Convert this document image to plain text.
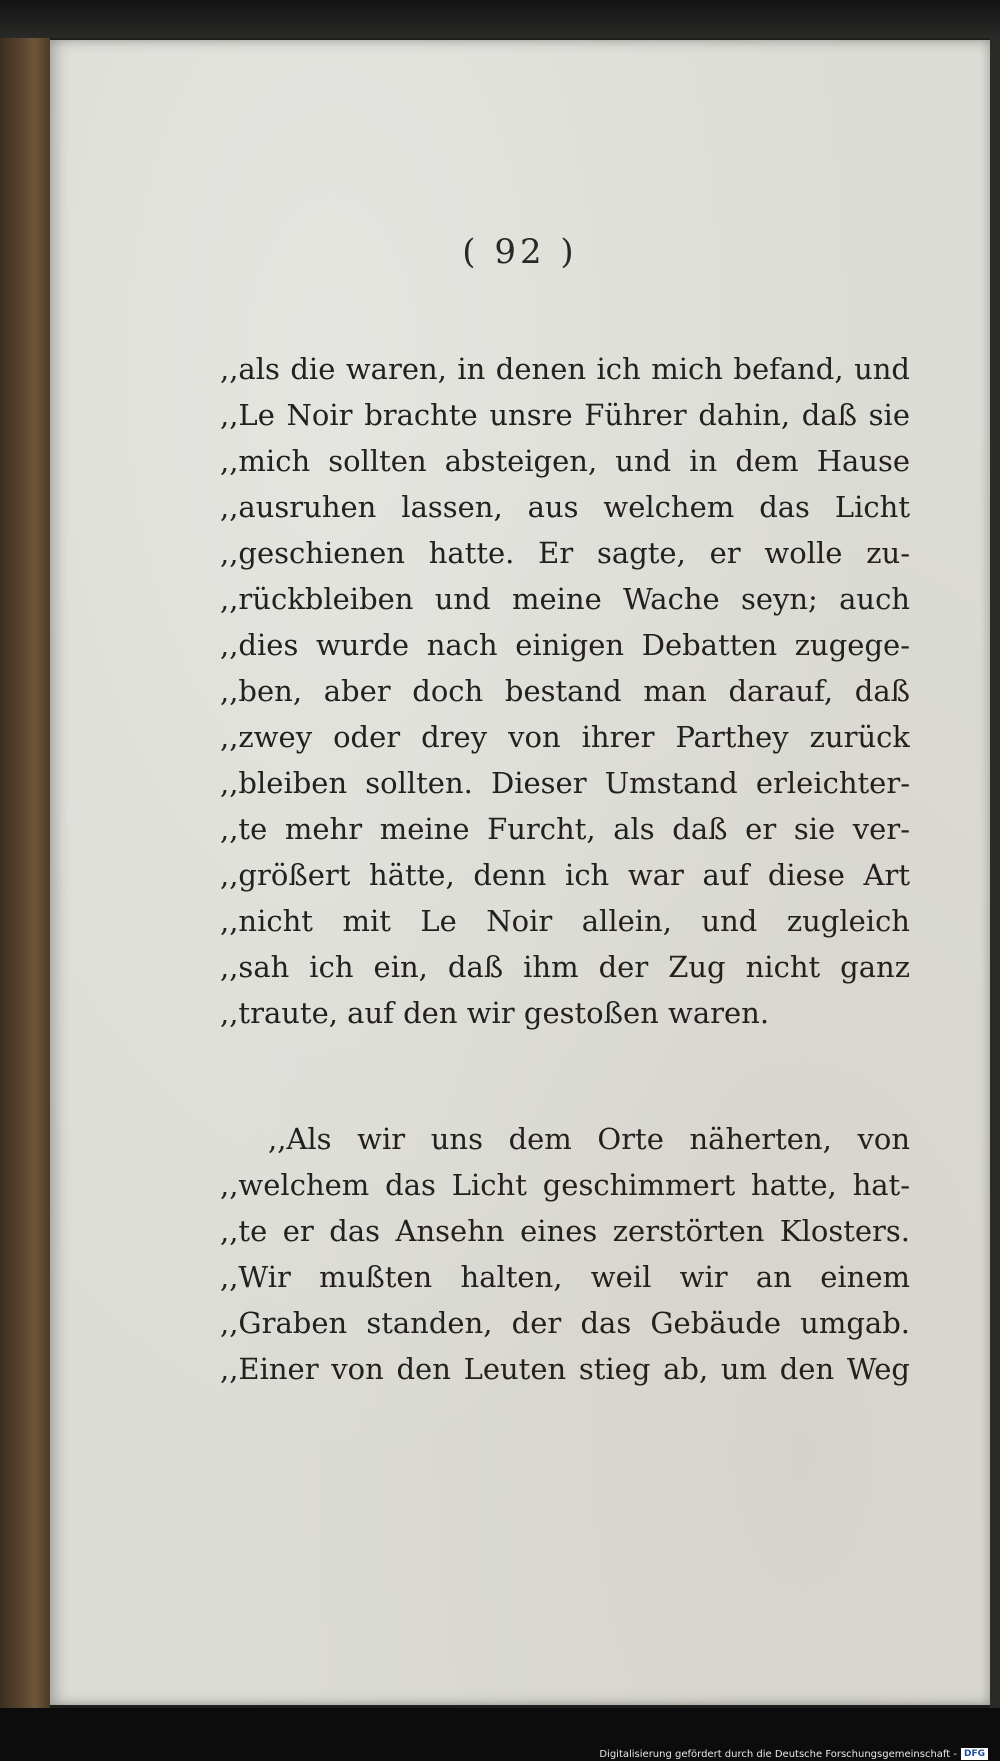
( 92 )
,,als die waren, in denen ich mich befand, und
,,Le Noir brachte unsre Führer dahin, daß sie
,,mich sollten absteigen, und in dem Hause
,,ausruhen lassen, aus welchem das Licht
,,geschienen hatte. Er sagte, er wolle zu-
,,rückbleiben und meine Wache seyn; auch
,,dies wurde nach einigen Debatten zugege-
,,ben, aber doch bestand man darauf, daß
,,zwey oder drey von ihrer Parthey zurück
,,bleiben sollten. Dieser Umstand erleichter-
,,te mehr meine Furcht, als daß er sie ver-
,,größert hätte, denn ich war auf diese Art
,,nicht mit Le Noir allein, und zugleich
,,sah ich ein, daß ihm der Zug nicht ganz
,,traute, auf den wir gestoßen waren.
,,Als wir uns dem Orte näherten, von
,,welchem das Licht geschimmert hatte, hat-
,,te er das Ansehn eines zerstörten Klosters.
,,Wir mußten halten, weil wir an einem
,,Graben standen, der das Gebäude umgab.
,,Einer von den Leuten stieg ab, um den Weg
Digitalisierung gefördert durch die Deutsche Forschungsgemeinschaft - DFG
